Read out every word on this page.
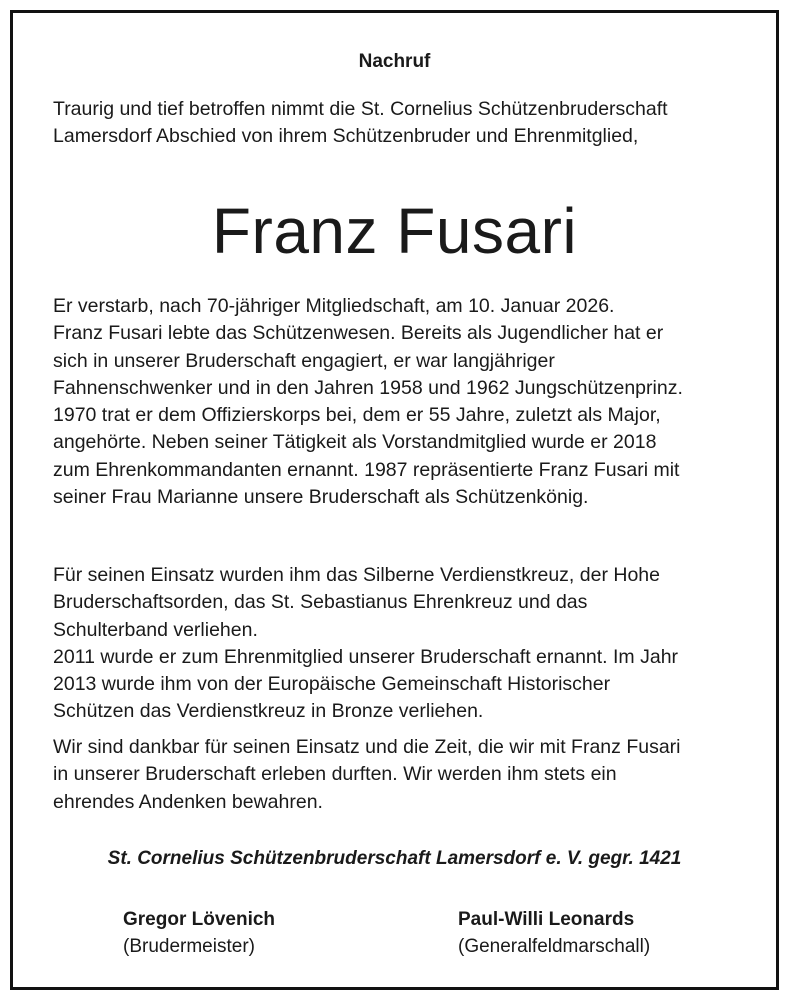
Nachruf
Traurig und tief betroffen nimmt die St. Cornelius Schützenbruderschaft
Lamersdorf Abschied von ihrem Schützenbruder und Ehrenmitglied,
Franz Fusari
Er verstarb, nach 70-jähriger Mitgliedschaft, am 10. Januar 2026.
Franz Fusari lebte das Schützenwesen. Bereits als Jugendlicher hat er
sich in unserer Bruderschaft engagiert, er war langjähriger
Fahnenschwenker und in den Jahren 1958 und 1962 Jungschützenprinz.
1970 trat er dem Offizierskorps bei, dem er 55 Jahre, zuletzt als Major,
angehörte. Neben seiner Tätigkeit als Vorstandmitglied wurde er 2018
zum Ehrenkommandanten ernannt. 1987 repräsentierte Franz Fusari mit
seiner Frau Marianne unsere Bruderschaft als Schützenkönig.
Für seinen Einsatz wurden ihm das Silberne Verdienstkreuz, der Hohe
Bruderschaftsorden, das St. Sebastianus Ehrenkreuz und das
Schulterband verliehen.
2011 wurde er zum Ehrenmitglied unserer Bruderschaft ernannt. Im Jahr
2013 wurde ihm von der Europäische Gemeinschaft Historischer
Schützen das Verdienstkreuz in Bronze verliehen.
Wir sind dankbar für seinen Einsatz und die Zeit, die wir mit Franz Fusari
in unserer Bruderschaft erleben durften. Wir werden ihm stets ein
ehrendes Andenken bewahren.
St. Cornelius Schützenbruderschaft Lamersdorf e. V. gegr. 1421
Gregor Lövenich
(Brudermeister)
Paul-Willi Leonards
(Generalfeldmarschall)
